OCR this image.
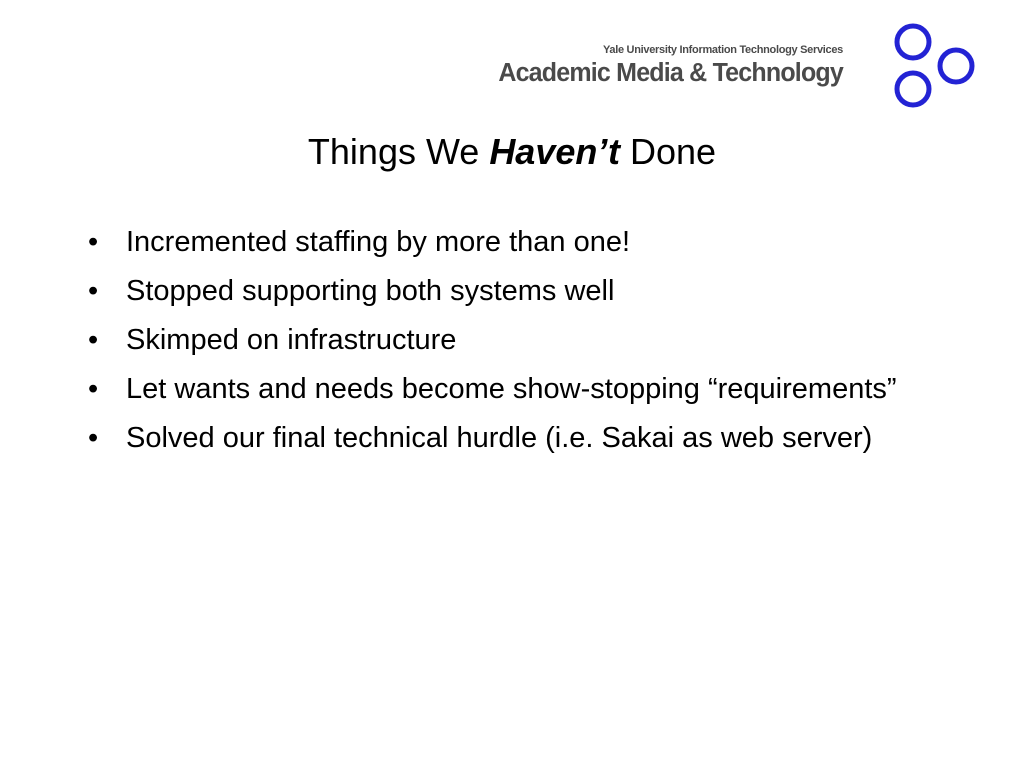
Yale University Information Technology Services
Academic Media & Technology
Things We Haven’t Done
• Incremented staffing by more than one!
• Stopped supporting both systems well
• Skimped on infrastructure
• Let wants and needs become show-stopping “requirements”
• Solved our final technical hurdle (i.e. Sakai as web server)
